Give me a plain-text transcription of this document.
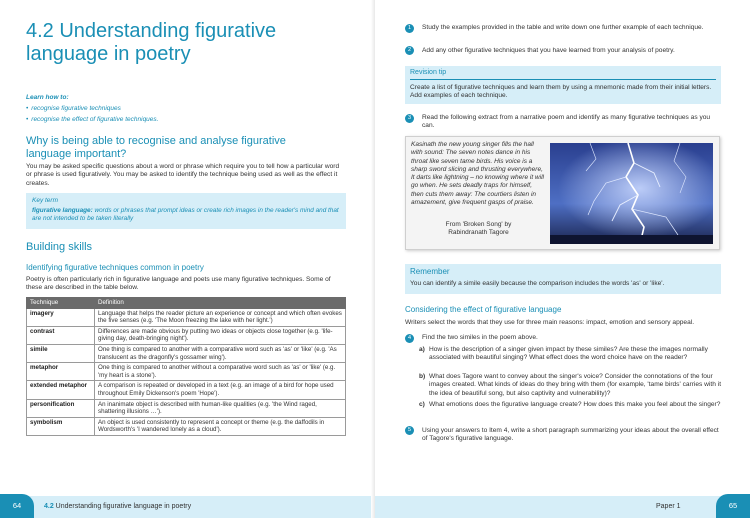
4.2 Understanding figurative language in poetry
Learn how to:
• recognise figurative techniques
• recognise the effect of figurative techniques.
Why is being able to recognise and analyse figurative language important?
You may be asked specific questions about a word or phrase which require you to tell how a particular word or phrase is used figuratively. You may be asked to identify the technique being used as well as the effect it creates.
Key term
figurative language: words or phrases that prompt ideas or create rich images in the reader's mind and that are not intended to be taken literally
Building skills
Identifying figurative techniques common in poetry
Poetry is often particularly rich in figurative language and poets use many figurative techniques. Some of these are described in the table below.
Technique	Definition
imagery	Language that helps the reader picture an experience or concept and which often evokes the five senses (e.g. 'The Moon freezing the lake with her light.')
contrast	Differences are made obvious by putting two ideas or objects close together (e.g. 'life-giving day, death-bringing night').
simile	One thing is compared to another with a comparative word such as 'as' or 'like' (e.g. 'As translucent as the dragonfly's gossamer wing').
metaphor	One thing is compared to another without a comparative word such as 'as' or 'like' (e.g. 'my heart is a stone').
extended metaphor	A comparison is repeated or developed in a text (e.g. an image of a bird for hope used throughout Emily Dickenson's poem 'Hope').
personification	An inanimate object is described with human-like qualities (e.g. 'the Wind raged, shattering illusions …').
symbolism	An object is used consistently to represent a concept or theme (e.g. the daffodils in Wordsworth's 'I wandered lonely as a cloud').
64	4.2 Understanding figurative language in poetry
1	Study the examples provided in the table and write down one further example of each technique.
2	Add any other figurative techniques that you have learned from your analysis of poetry.
Revision tip
Create a list of figurative techniques and learn them by using a mnemonic made from their initial letters. Add examples of each technique.
3	Read the following extract from a narrative poem and identify as many figurative techniques as you can.
Kasinath the new young singer fills the hall with sound: The seven notes dance in his throat like seven tame birds. His voice is a sharp sword slicing and thrusting everywhere, It darts like lightning – no knowing where it will go when. He sets deadly traps for himself, then cuts them away: The courtiers listen in amazement, give frequent gasps of praise.
From 'Broken Song' by
Rabindranath Tagore
Remember
You can identify a simile easily because the comparison includes the words 'as' or 'like'.
Considering the effect of figurative language
Writers select the words that they use for three main reasons: impact, emotion and sensory appeal.
4	Find the two similes in the poem above.
a) How is the description of a singer given impact by these similes? Are these the images normally associated with beautiful singing? What effect does the word choice have on the reader?
b) What does Tagore want to convey about the singer's voice? Consider the connotations of the four images created. What kinds of ideas do they bring with them (for example, 'tame birds' carries with it the idea of beautiful song, but also captivity and vulnerability)?
c) What emotions does the figurative language create? How does this make you feel about the singer?
5	Using your answers to Item 4, write a short paragraph summarizing your ideas about the overall effect of Tagore's figurative language.
Paper 1	65
